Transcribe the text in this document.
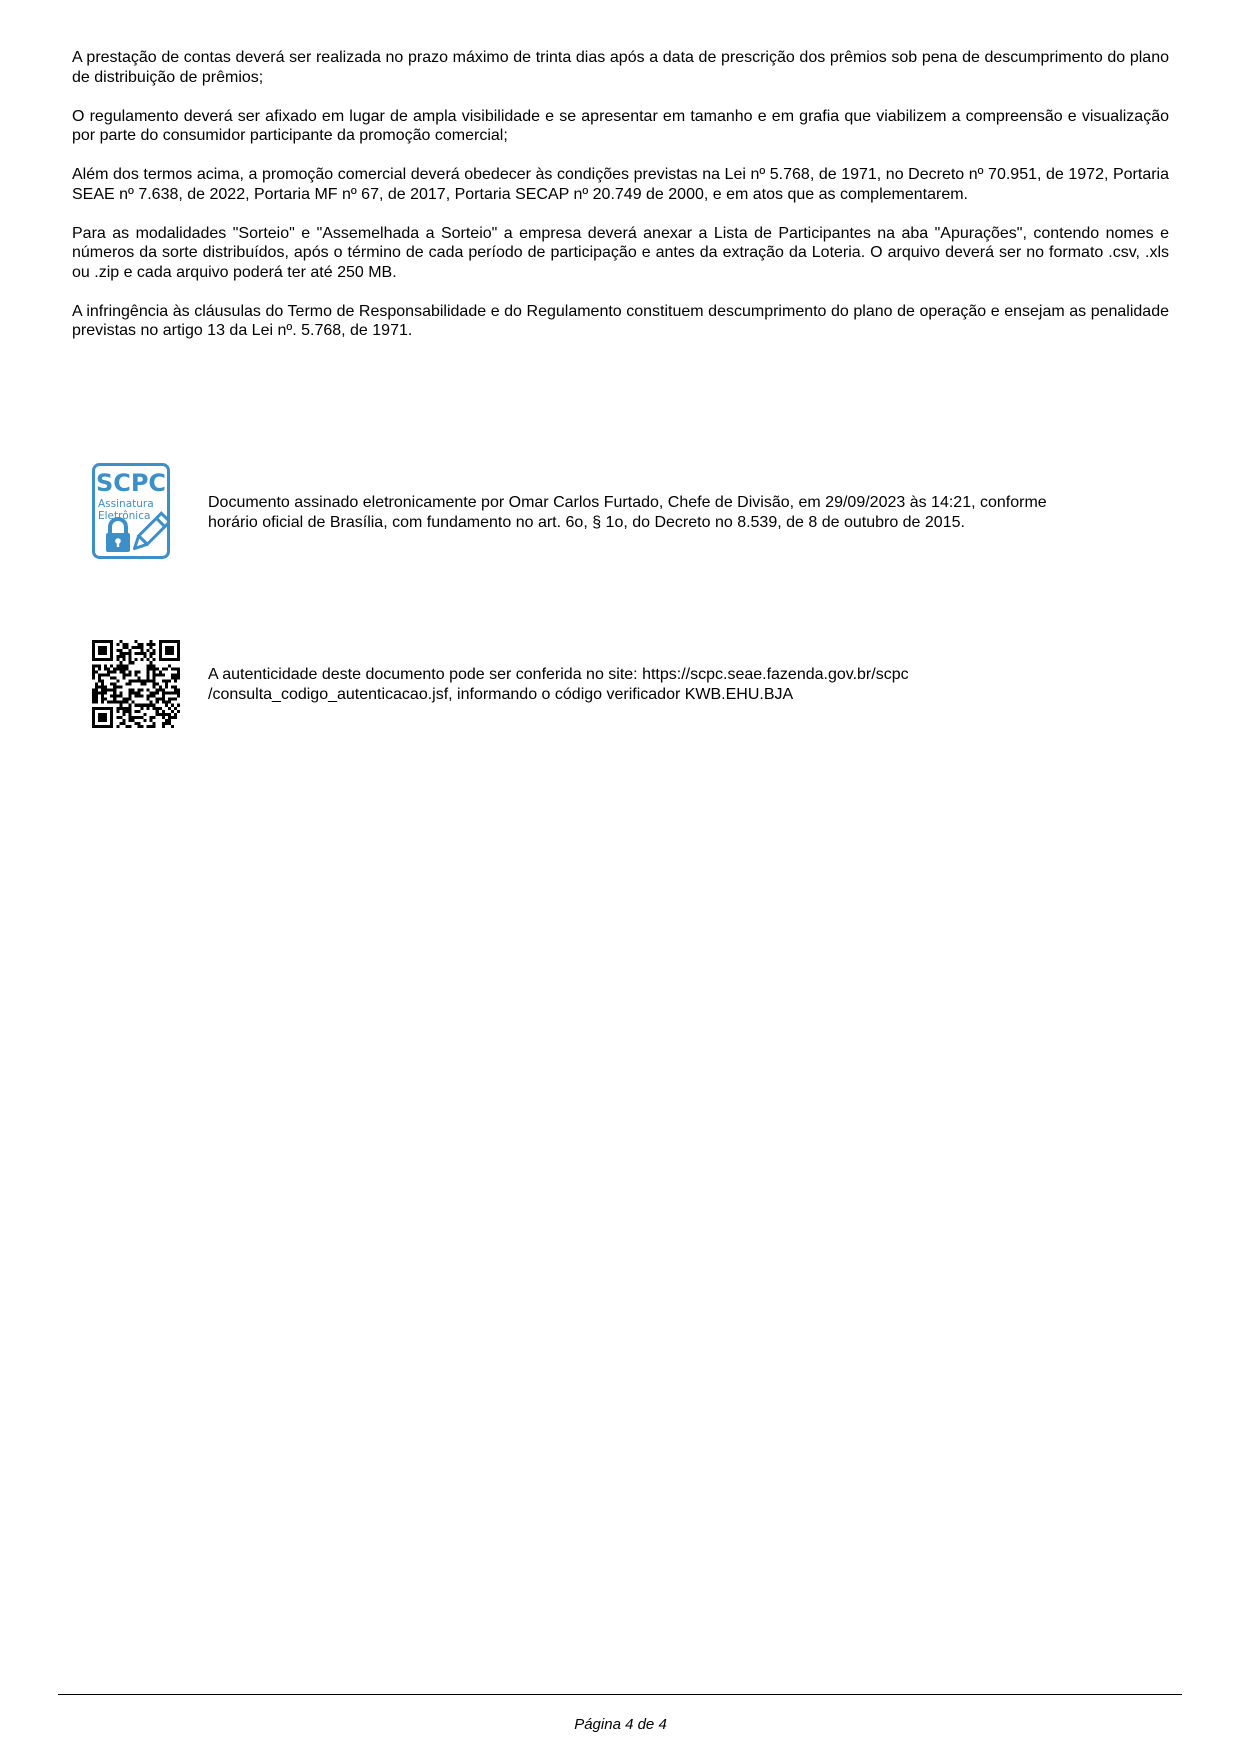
A prestação de contas deverá ser realizada no prazo máximo de trinta dias após a data de prescrição dos prêmios sob pena de descumprimento do plano de distribuição de prêmios;

O regulamento deverá ser afixado em lugar de ampla visibilidade e se apresentar em tamanho e em grafia que viabilizem a compreensão e visualização por parte do consumidor participante da promoção comercial;

Além dos termos acima, a promoção comercial deverá obedecer às condições previstas na Lei nº 5.768, de 1971, no Decreto nº 70.951, de 1972, Portaria SEAE nº 7.638, de 2022, Portaria MF nº 67, de 2017, Portaria SECAP nº 20.749 de 2000, e em atos que as complementarem.

Para as modalidades "Sorteio" e "Assemelhada a Sorteio" a empresa deverá anexar a Lista de Participantes na aba "Apurações", contendo nomes e números da sorte distribuídos, após o término de cada período de participação e antes da extração da Loteria. O arquivo deverá ser no formato .csv, .xls ou .zip e cada arquivo poderá ter até 250 MB.

A infringência às cláusulas do Termo de Responsabilidade e do Regulamento constituem descumprimento do plano de operação e ensejam as penalidade previstas no artigo 13 da Lei nº. 5.768, de 1971.

SCPC
Assinatura
Eletrônica
Documento assinado eletronicamente por Omar Carlos Furtado, Chefe de Divisão, em 29/09/2023 às 14:21, conforme
horário oficial de Brasília, com fundamento no art. 6o, § 1o, do Decreto no 8.539, de 8 de outubro de 2015.
A autenticidade deste documento pode ser conferida no site: https://scpc.seae.fazenda.gov.br/scpc
/consulta_codigo_autenticacao.jsf, informando o código verificador KWB.EHU.BJA
Página 4 de 4
